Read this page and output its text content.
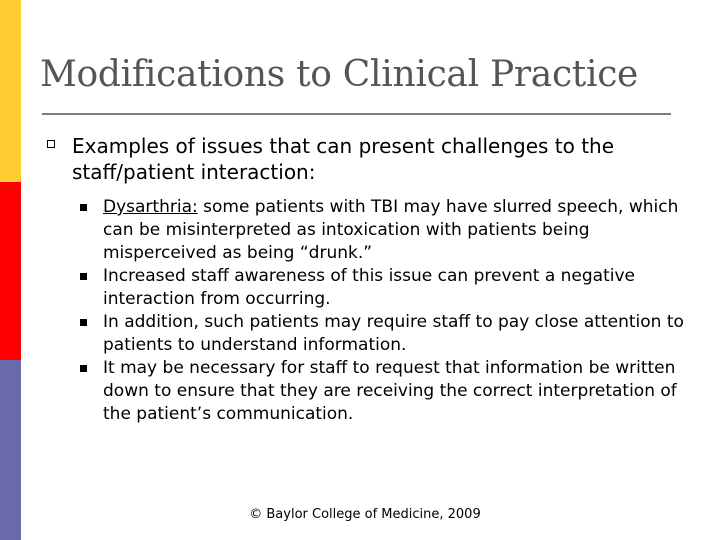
Modifications to Clinical Practice
Examples of issues that can present challenges to the staff/patient interaction:
Dysarthria: some patients with TBI may have slurred speech, which can be misinterpreted as intoxication with patients being misperceived as being “drunk.”
Increased staff awareness of this issue can prevent a negative interaction from occurring.
In addition, such patients may require staff to pay close attention to patients to understand information.
It may be necessary for staff to request that information be written down to ensure that they are receiving the correct interpretation of the patient’s communication.
© Baylor College of Medicine, 2009
